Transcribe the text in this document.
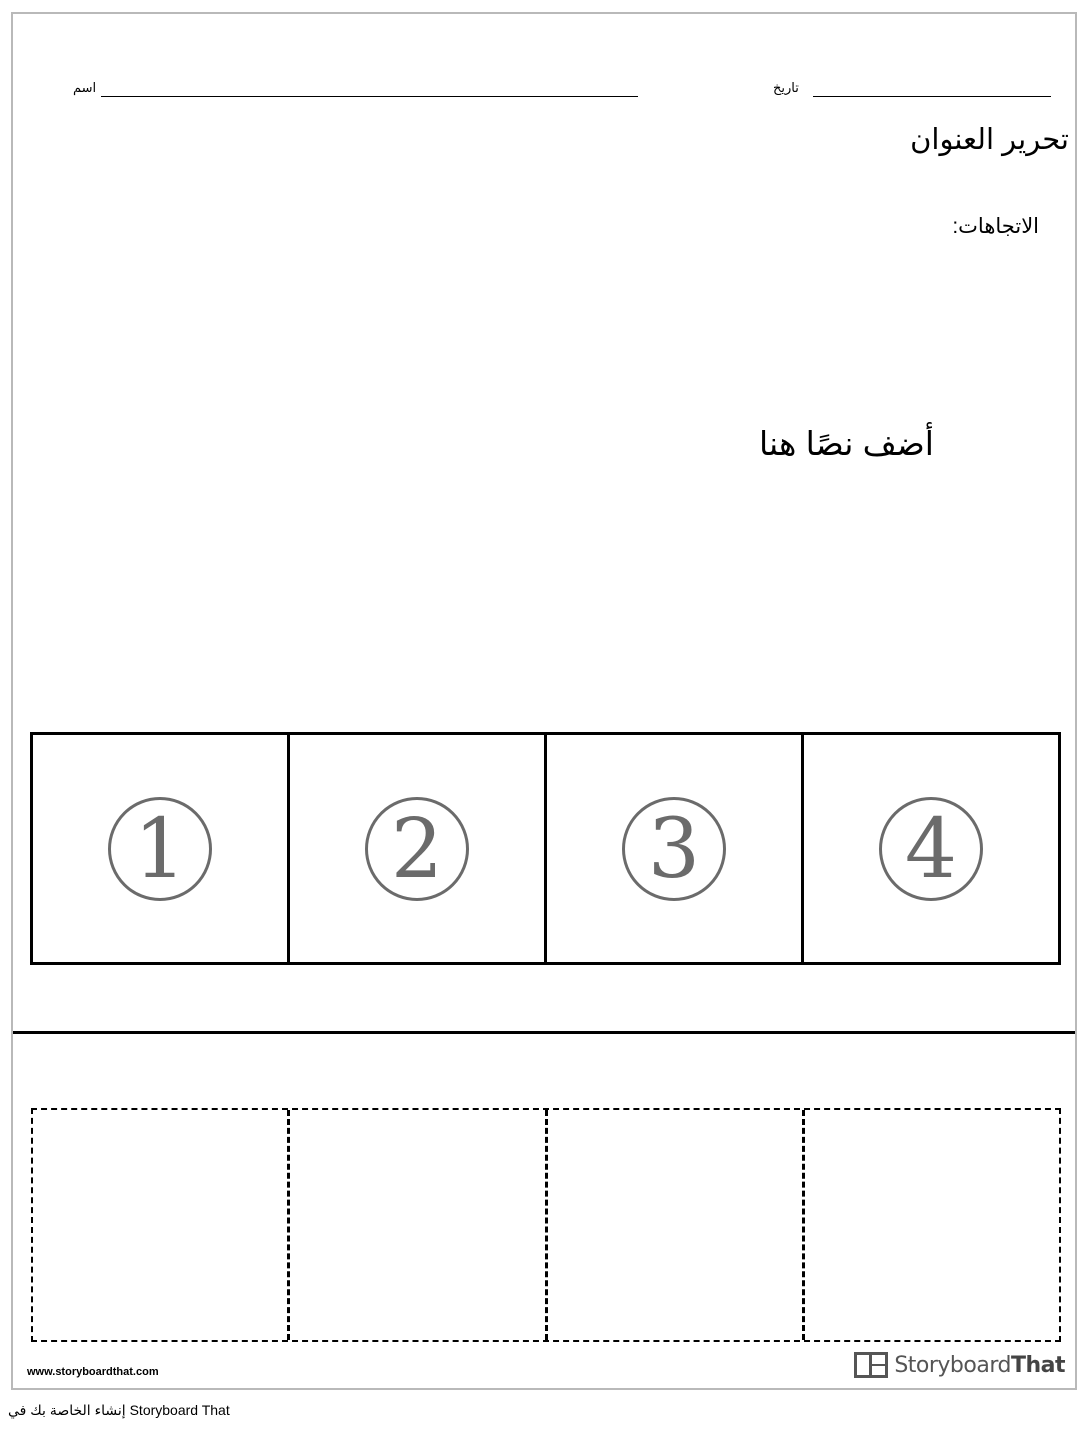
اسم	تاريخ
تحرير العنوان
الاتجاهات:
أضف نصًا هنا
1 2 3 4
www.storyboardthat.com	StoryboardThat
إنشاء الخاصة بك في Storyboard That
